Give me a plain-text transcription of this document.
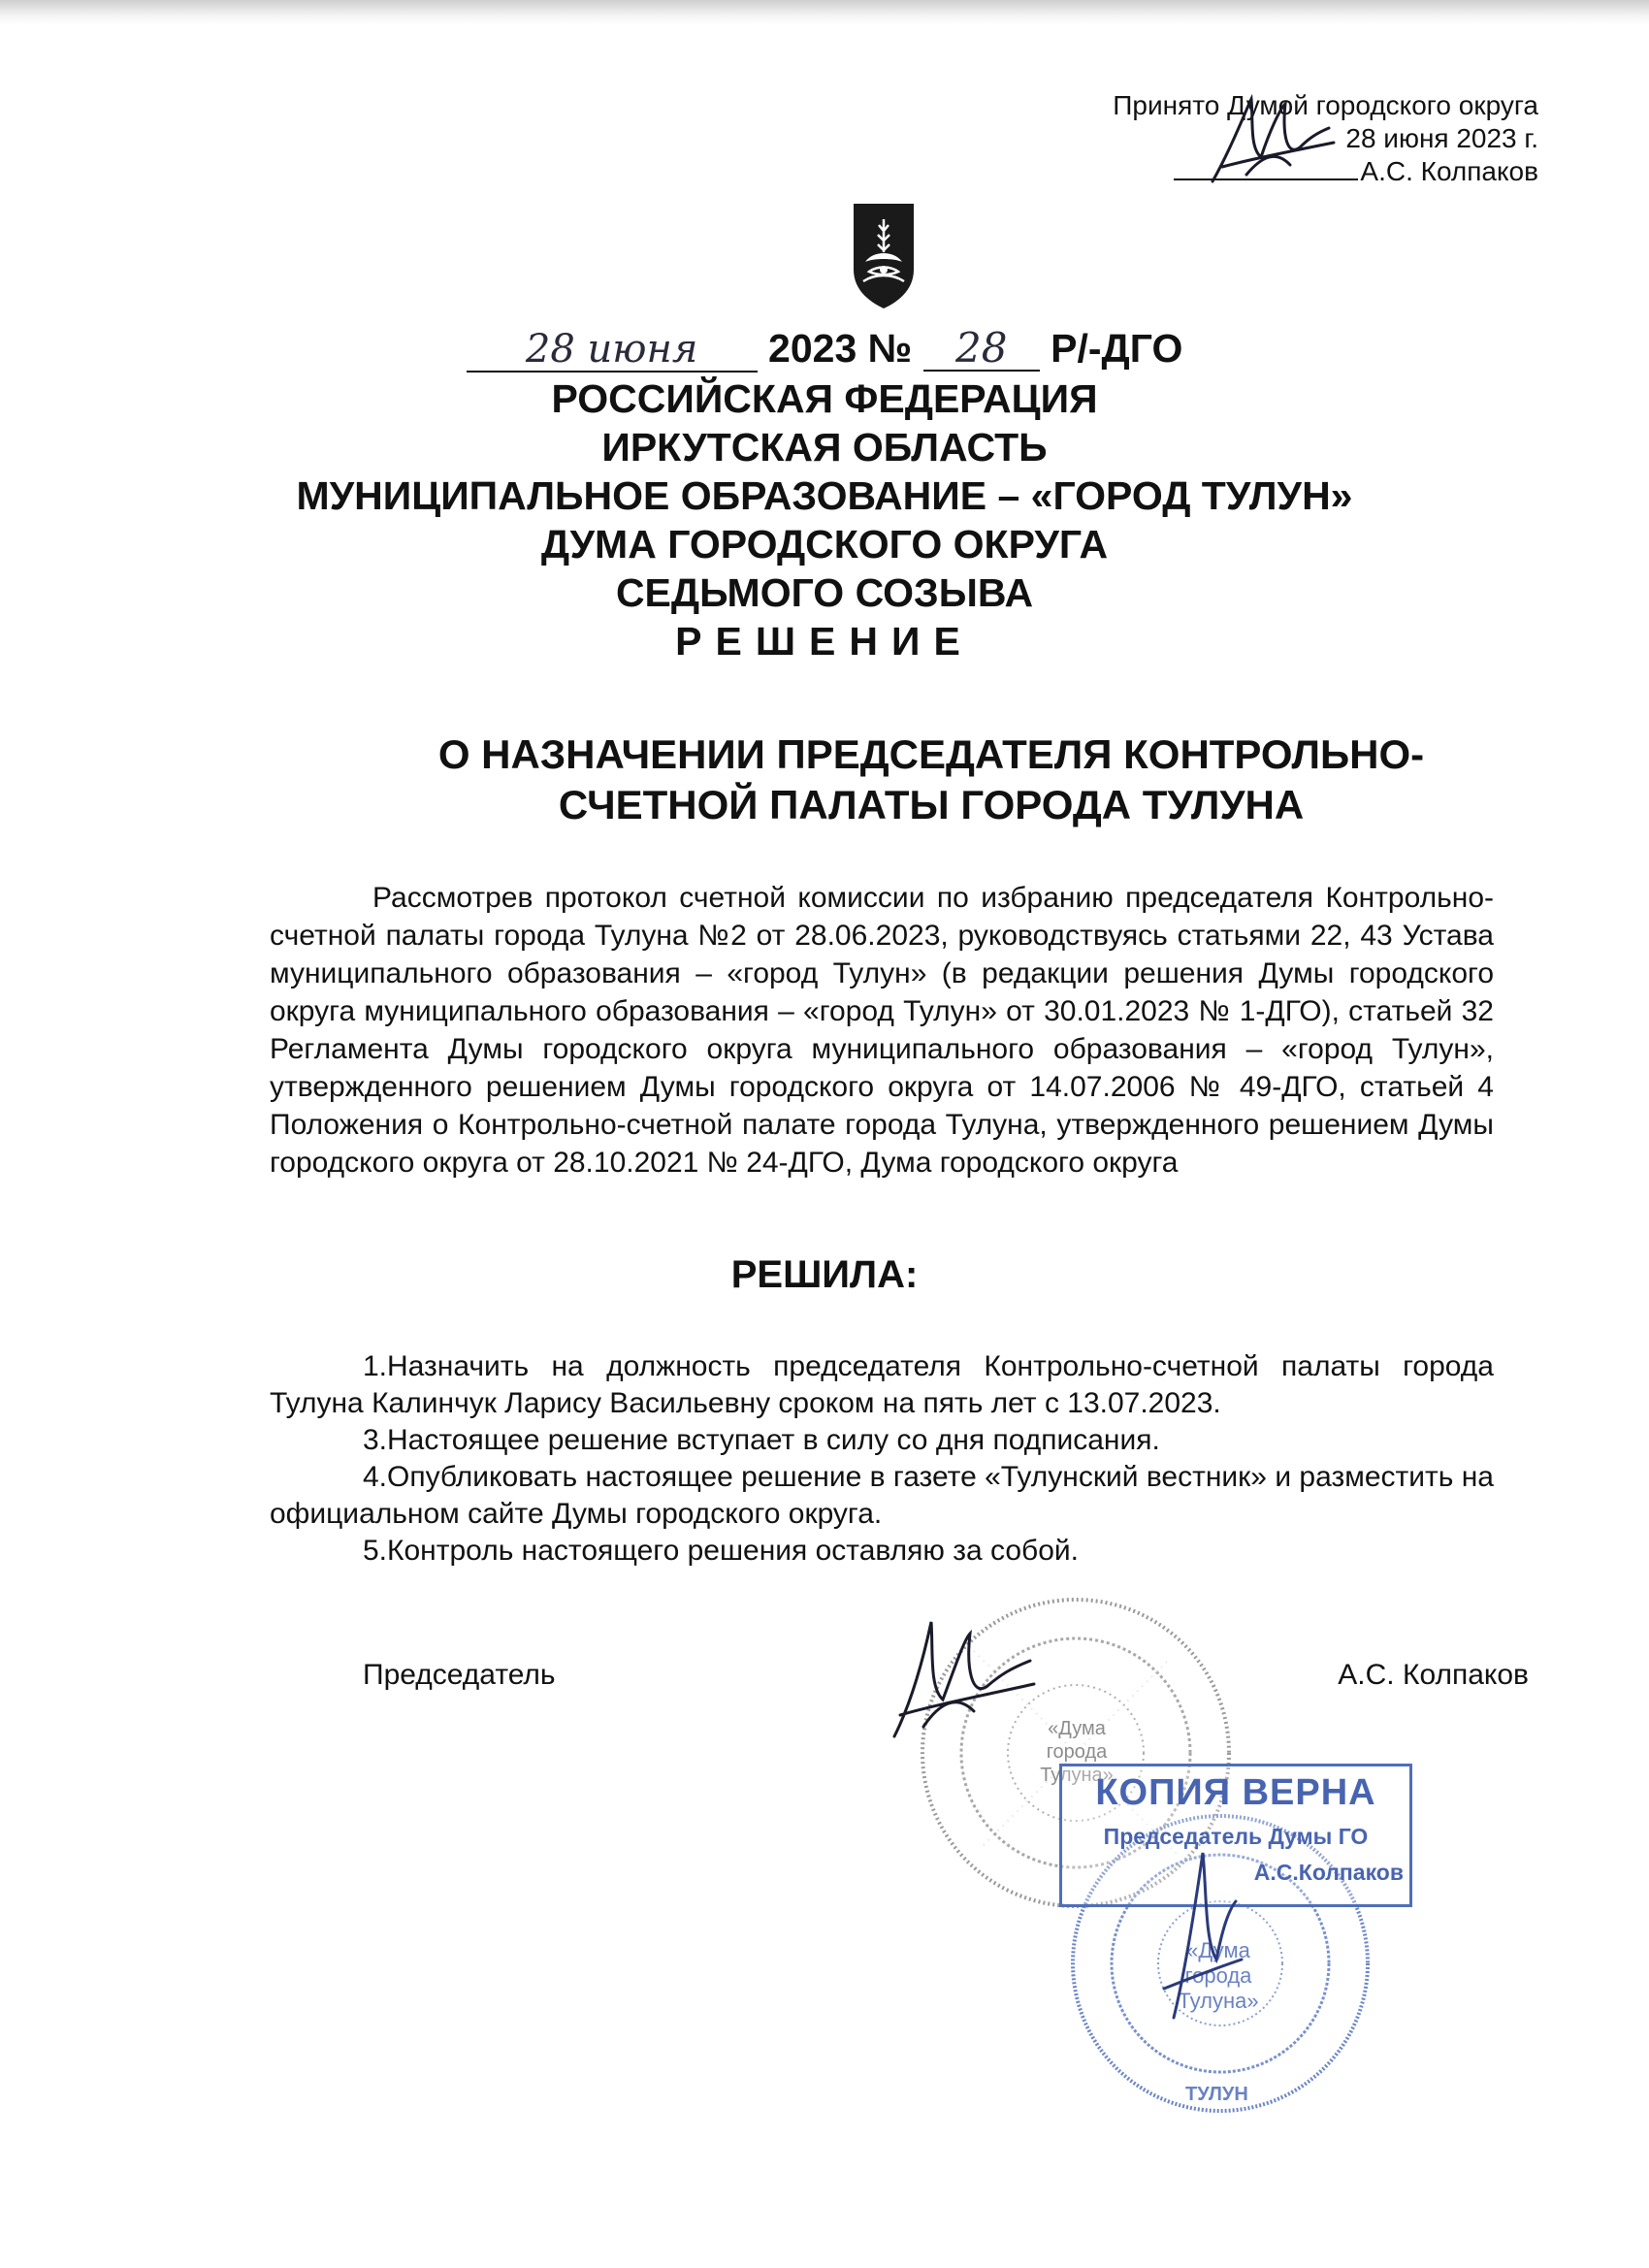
Принято Думой городского округа
28 июня 2023 г.
А.С. Колпаков
28 июня 2023 № 28 Р/-ДГО
РОССИЙСКАЯ ФЕДЕРАЦИЯ
ИРКУТСКАЯ ОБЛАСТЬ
МУНИЦИПАЛЬНОЕ ОБРАЗОВАНИЕ – «ГОРОД ТУЛУН»
ДУМА ГОРОДСКОГО ОКРУГА
СЕДЬМОГО СОЗЫВА
РЕШЕНИЕ
О НАЗНАЧЕНИИ ПРЕДСЕДАТЕЛЯ КОНТРОЛЬНО-
СЧЕТНОЙ ПАЛАТЫ ГОРОДА ТУЛУНА

Рассмотрев протокол счетной комиссии по избранию председателя Контрольно-счетной палаты города Тулуна №2 от 28.06.2023, руководствуясь статьями 22, 43 Устава муниципального образования – «город Тулун» (в редакции решения Думы городского округа муниципального образования – «город Тулун» от 30.01.2023 № 1-ДГО), статьей 32 Регламента Думы городского округа муниципального образования – «город Тулун», утвержденного решением Думы городского округа от 14.07.2006 № 49-ДГО, статьей 4 Положения о Контрольно-счетной палате города Тулуна, утвержденного решением Думы городского округа от 28.10.2021 № 24-ДГО, Дума городского округа

РЕШИЛА:

1.Назначить на должность председателя Контрольно-счетной палаты города Тулуна Калинчук Ларису Васильевну сроком на пять лет с 13.07.2023.

3.Настоящее решение вступает в силу со дня подписания.

4.Опубликовать настоящее решение в газете «Тулунский вестник» и разместить на официальном сайте Думы городского округа.

5.Контроль настоящего решения оставляю за собой.

Председатель	А.С. Колпаков
«Дума города Тулуна»
«Дума города Тулуна»
ТУЛУН
КОПИЯ ВЕРНА
Председатель Думы ГО
А.С.Колпаков
